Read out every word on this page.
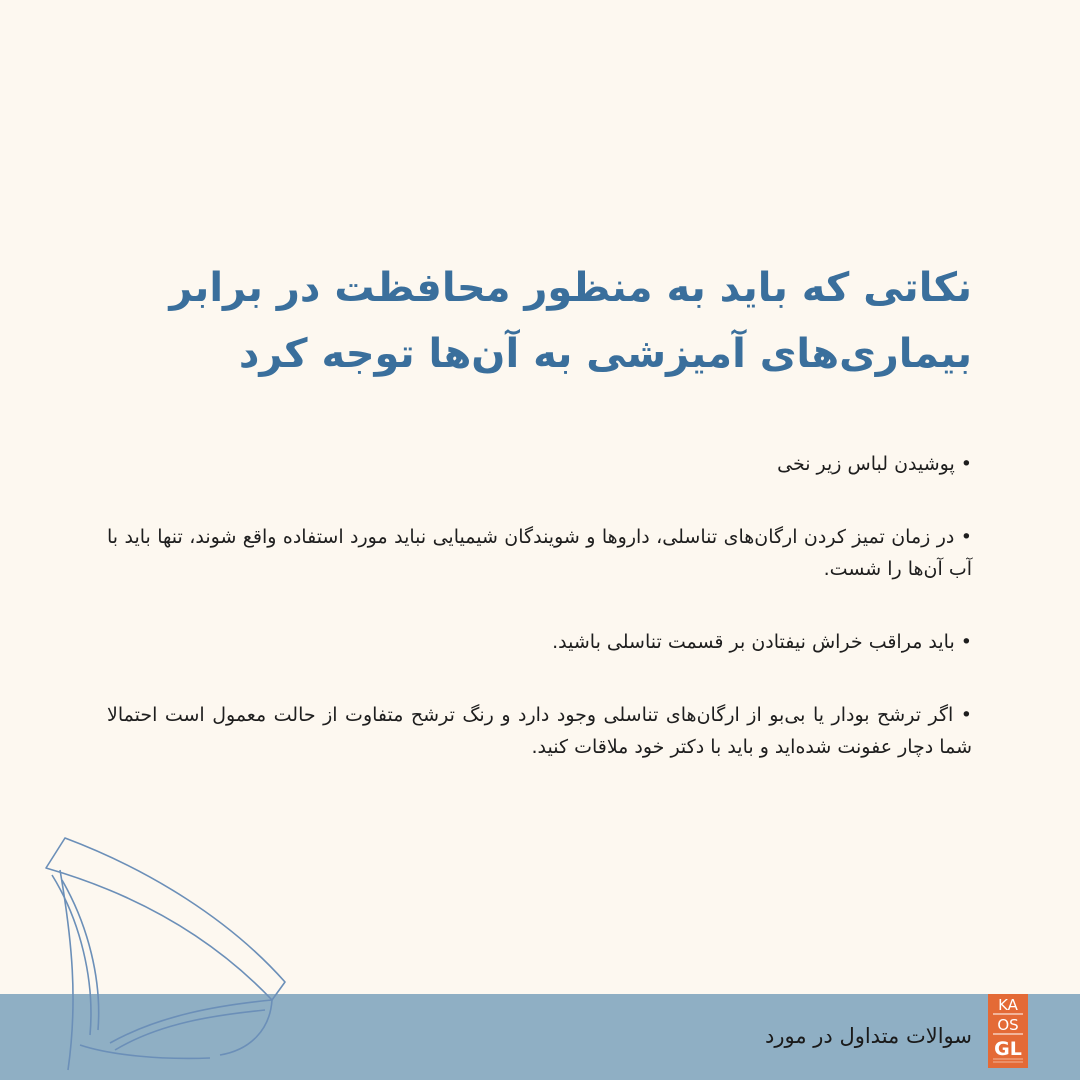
نکاتی که باید به منظور محافظت در برابر
بیماری‌های آمیزشی به آن‌ها توجه کرد

• پوشیدن لباس زیر نخی

• در زمان تمیز کردن ارگان‌های تناسلی، داروها و شویندگان شیمیایی نباید مورد استفاده واقع شوند، تنها باید با آب آن‌ها را شست.

• باید مراقب خراش نیفتادن بر قسمت تناسلی باشید.

• اگر ترشح بودار یا بی‌بو از ارگان‌های تناسلی وجود دارد و رنگ ترشح متفاوت از حالت معمول است احتمالا شما دچار عفونت شده‌اید و باید با دکتر خود ملاقات کنید.

سوالات متداول در مورد
KA
OS
GL
